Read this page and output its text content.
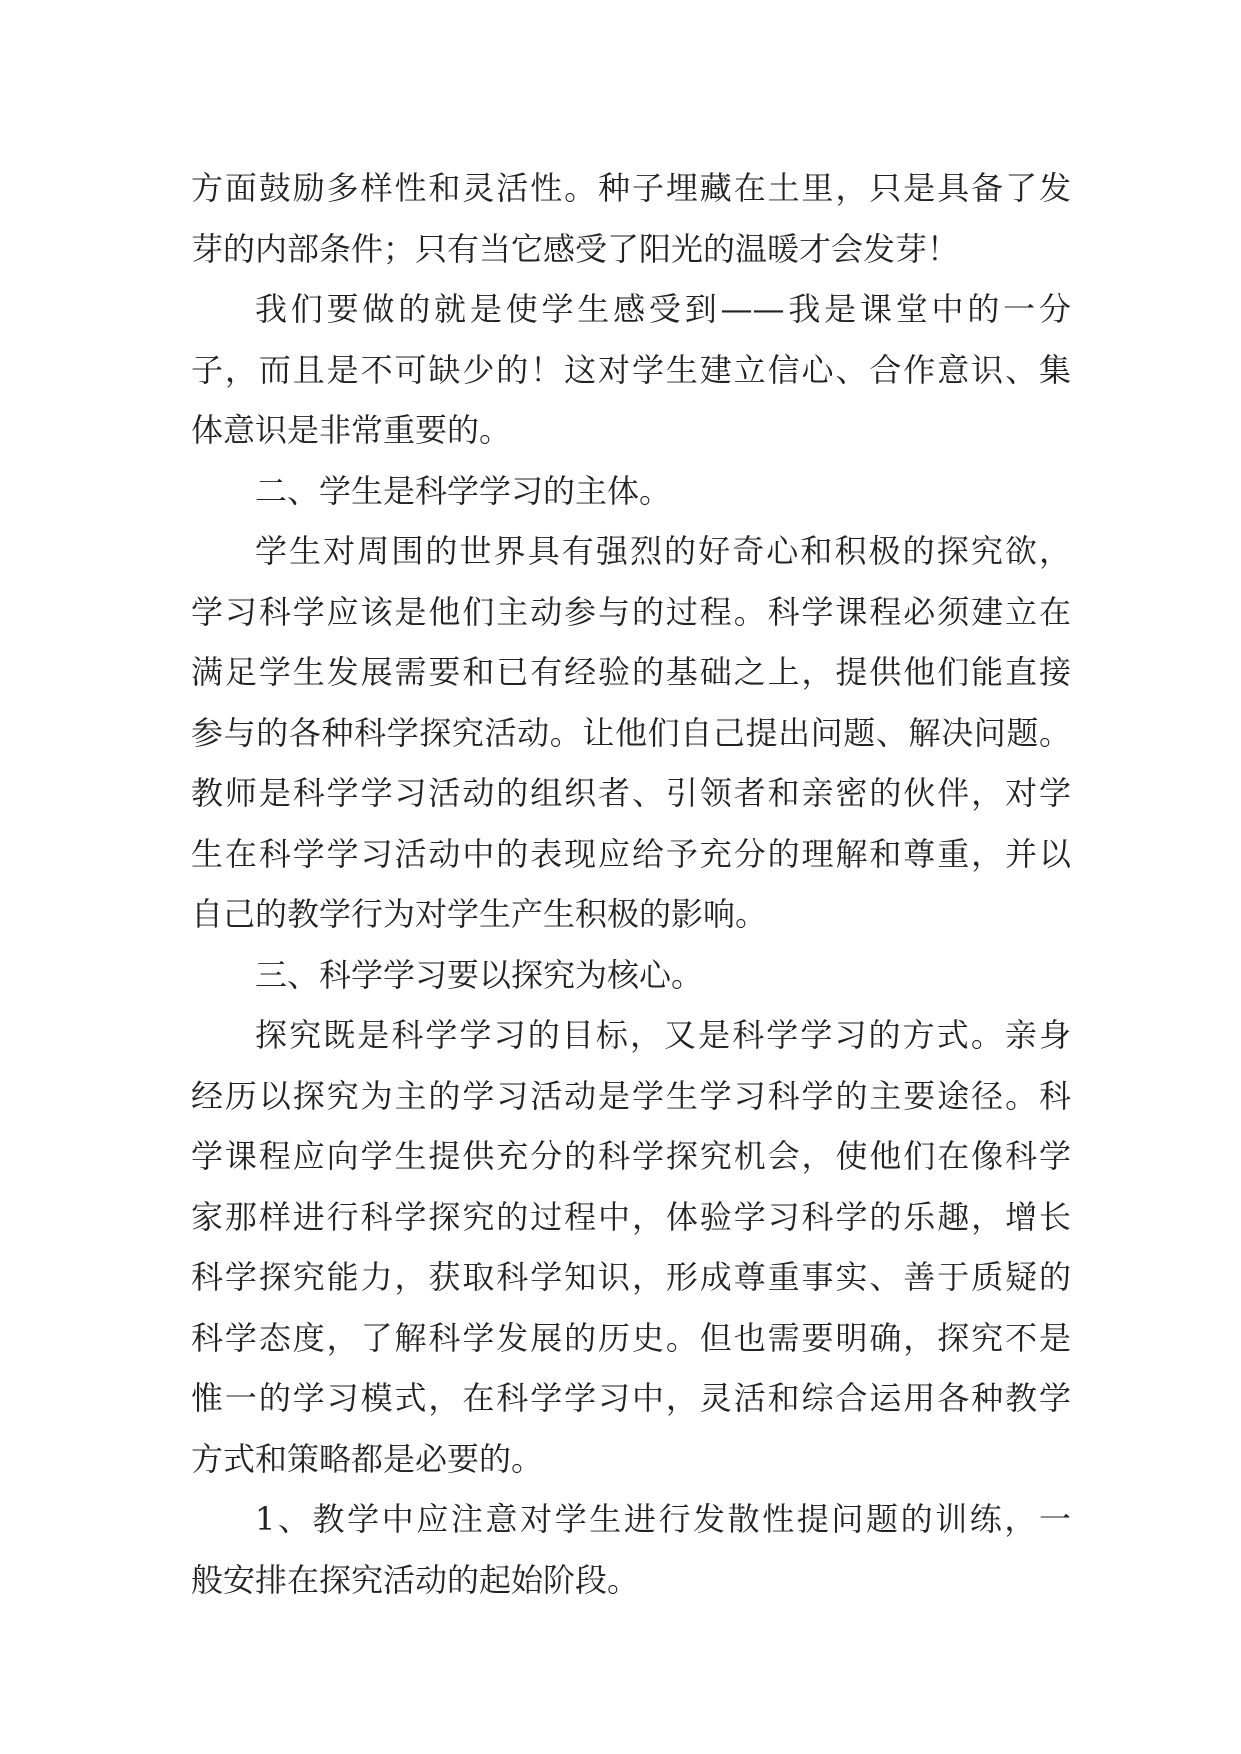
方面鼓励多样性和灵活性。种子埋藏在土里，只是具备了发
芽的内部条件；只有当它感受了阳光的温暖才会发芽！
我们要做的就是使学生感受到——我是课堂中的一分
子，而且是不可缺少的！这对学生建立信心、合作意识、集
体意识是非常重要的。
二、学生是科学学习的主体。
学生对周围的世界具有强烈的好奇心和积极的探究欲，
学习科学应该是他们主动参与的过程。科学课程必须建立在
满足学生发展需要和已有经验的基础之上，提供他们能直接
参与的各种科学探究活动。让他们自己提出问题、解决问题。
教师是科学学习活动的组织者、引领者和亲密的伙伴，对学
生在科学学习活动中的表现应给予充分的理解和尊重，并以
自己的教学行为对学生产生积极的影响。
三、科学学习要以探究为核心。
探究既是科学学习的目标，又是科学学习的方式。亲身
经历以探究为主的学习活动是学生学习科学的主要途径。科
学课程应向学生提供充分的科学探究机会，使他们在像科学
家那样进行科学探究的过程中，体验学习科学的乐趣，增长
科学探究能力，获取科学知识，形成尊重事实、善于质疑的
科学态度，了解科学发展的历史。但也需要明确，探究不是
惟一的学习模式，在科学学习中，灵活和综合运用各种教学
方式和策略都是必要的。
1、教学中应注意对学生进行发散性提问题的训练，一
般安排在探究活动的起始阶段。
